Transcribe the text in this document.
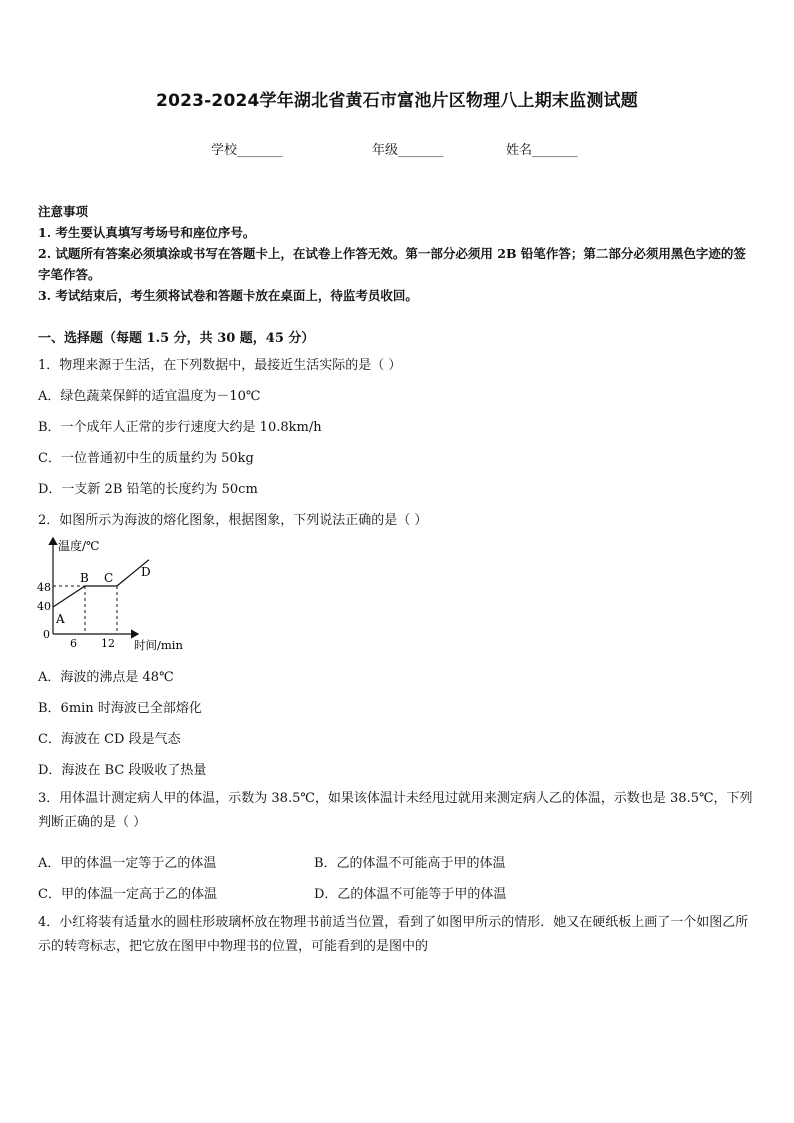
2023-2024学年湖北省黄石市富池片区物理八上期末监测试题
学校_______	年级_______	姓名_______
注意事项
1. 考生要认真填写考场号和座位序号。
2. 试题所有答案必须填涂或书写在答题卡上，在试卷上作答无效。第一部分必须用 2B 铅笔作答；第二部分必须用黑色字迹的签字笔作答。
3. 考试结束后，考生须将试卷和答题卡放在桌面上，待监考员收回。
一、选择题（每题 1.5 分，共 30 题，45 分）
1．物理来源于生活，在下列数据中，最接近生活实际的是（ ）
A．绿色蔬菜保鲜的适宜温度为－10℃
B．一个成年人正常的步行速度大约是 10.8km/h
C．一位普通初中生的质量约为 50kg
D．一支新 2B 铅笔的长度约为 50cm
2．如图所示为海波的熔化图象，根据图象，下列说法正确的是（ ）
温度/℃
时间/min
0
6 12
40
48
A
B C D
A．海波的沸点是 48℃
B．6min 时海波已全部熔化
C．海波在 CD 段是气态
D．海波在 BC 段吸收了热量
3．用体温计测定病人甲的体温，示数为 38.5℃，如果该体温计未经甩过就用来测定病人乙的体温，示数也是 38.5℃，下列判断正确的是（ ）
A．甲的体温一定等于乙的体温	B．乙的体温不可能高于甲的体温
C．甲的体温一定高于乙的体温	D．乙的体温不可能等于甲的体温
4．小红将装有适量水的圆柱形玻璃杯放在物理书前适当位置，看到了如图甲所示的情形．她又在硬纸板上画了一个如图乙所示的转弯标志，把它放在图甲中物理书的位置，可能看到的是图中的
